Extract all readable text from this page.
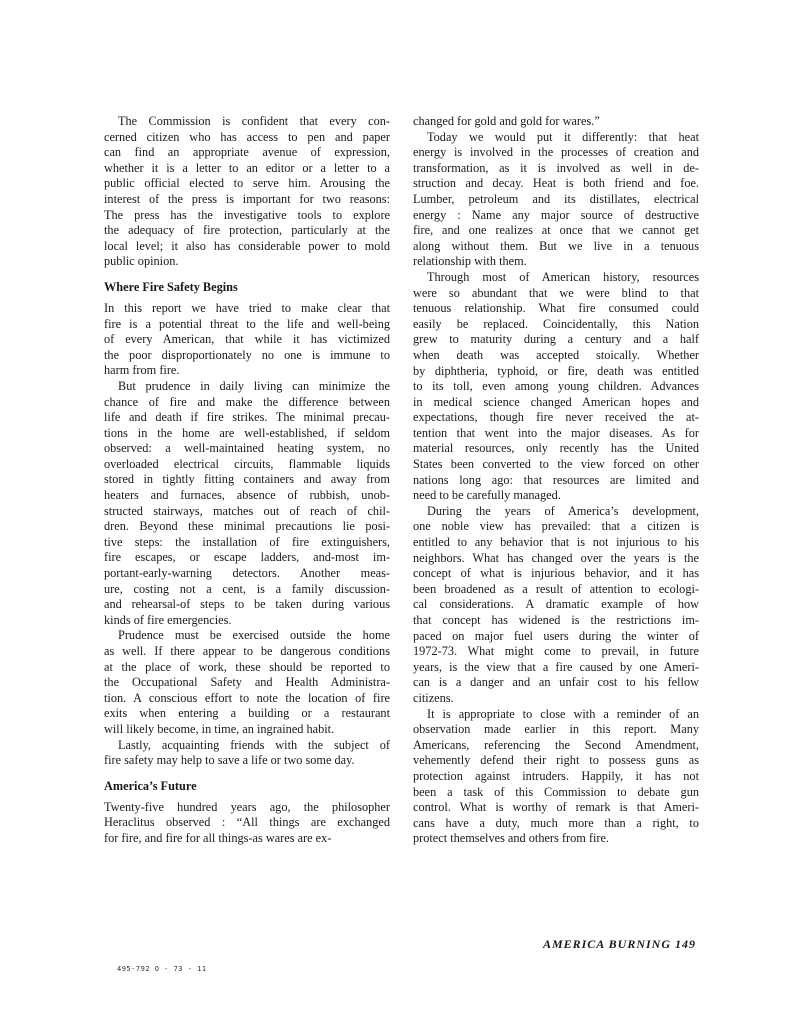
The Commission is confident that every con-
cerned citizen who has access to pen and paper
can find an appropriate avenue of expression,
whether it is a letter to an editor or a letter to a
public official elected to serve him. Arousing the
interest of the press is important for two reasons:
The press has the investigative tools to explore
the adequacy of fire protection, particularly at the
local level; it also has considerable power to mold
public opinion.
Where Fire Safety Begins
In this report we have tried to make clear that
fire is a potential threat to the life and well-being
of every American, that while it has victimized
the poor disproportionately no one is immune to
harm from fire.
But prudence in daily living can minimize the
chance of fire and make the difference between
life and death if fire strikes. The minimal precau-
tions in the home are well-established, if seldom
observed: a well-maintained heating system, no
overloaded electrical circuits, flammable liquids
stored in tightly fitting containers and away from
heaters and furnaces, absence of rubbish, unob-
structed stairways, matches out of reach of chil-
dren. Beyond these minimal precautions lie posi-
tive steps: the installation of fire extinguishers,
fire escapes, or escape ladders, and-most im-
portant-early-warning detectors. Another meas-
ure, costing not a cent, is a family discussion-
and rehearsal-of steps to be taken during various
kinds of fire emergencies.
Prudence must be exercised outside the home
as well. If there appear to be dangerous conditions
at the place of work, these should be reported to
the Occupational Safety and Health Administra-
tion. A conscious effort to note the location of fire
exits when entering a building or a restaurant
will likely become, in time, an ingrained habit.
Lastly, acquainting friends with the subject of
fire safety may help to save a life or two some day.
America’s Future
Twenty-five hundred years ago, the philosopher
Heraclitus observed : “All things are exchanged
for fire, and fire for all things-as wares are ex-
changed for gold and gold for wares.”
Today we would put it differently: that heat
energy is involved in the processes of creation and
transformation, as it is involved as well in de-
struction and decay. Heat is both friend and foe.
Lumber, petroleum and its distillates, electrical
energy : Name any major source of destructive
fire, and one realizes at once that we cannot get
along without them. But we live in a tenuous
relationship with them.
Through most of American history, resources
were so abundant that we were blind to that
tenuous relationship. What fire consumed could
easily be replaced. Coincidentally, this Nation
grew to maturity during a century and a half
when death was accepted stoically. Whether
by diphtheria, typhoid, or fire, death was entitled
to its toll, even among young children. Advances
in medical science changed American hopes and
expectations, though fire never received the at-
tention that went into the major diseases. As for
material resources, only recently has the United
States been converted to the view forced on other
nations long ago: that resources are limited and
need to be carefully managed.
During the years of America’s development,
one noble view has prevailed: that a citizen is
entitled to any behavior that is not injurious to his
neighbors. What has changed over the years is the
concept of what is injurious behavior, and it has
been broadened as a result of attention to ecologi-
cal considerations. A dramatic example of how
that concept has widened is the restrictions im-
paced on major fuel users during the winter of
1972-73. What might come to prevail, in future
years, is the view that a fire caused by one Ameri-
can is a danger and an unfair cost to his fellow
citizens.
It is appropriate to close with a reminder of an
observation made earlier in this report. Many
Americans, referencing the Second Amendment,
vehemently defend their right to possess guns as
protection against intruders. Happily, it has not
been a task of this Commission to debate gun
control. What is worthy of remark is that Ameri-
cans have a duty, much more than a right, to
protect themselves and others from fire.
AMERICA BURNING 149
495-792 O - 73 - 11
